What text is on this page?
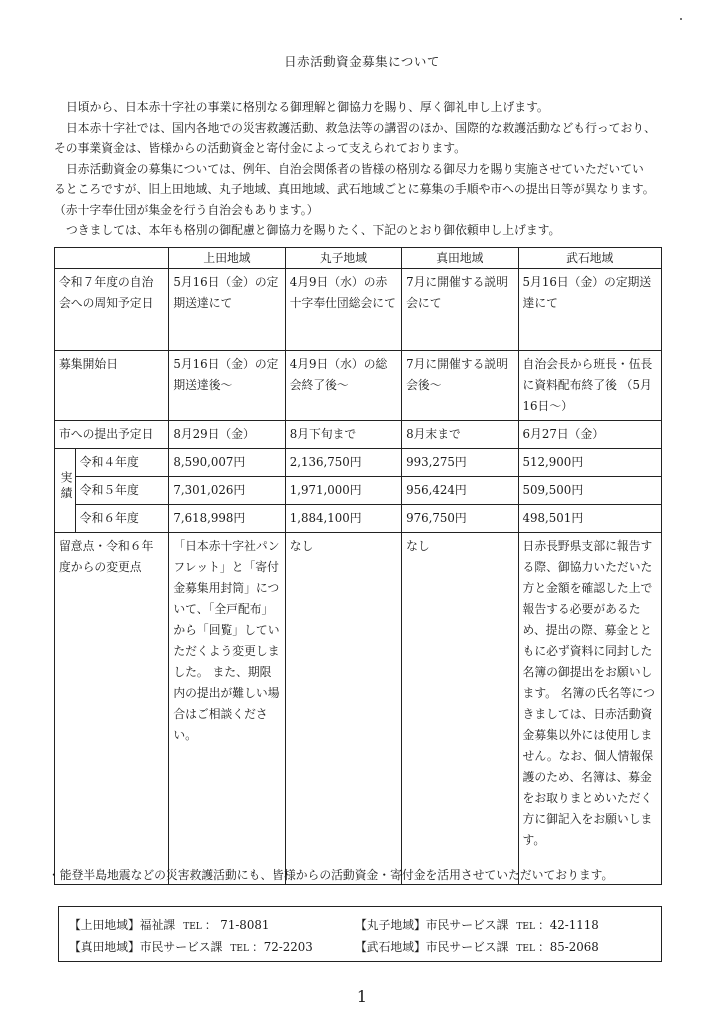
日赤活動資金募集について

日頃から、日本赤十字社の事業に格別なる御理解と御協力を賜り、厚く御礼申し上げます。

日本赤十字社では、国内各地での災害救護活動、救急法等の講習のほか、国際的な救護活動なども行っており、

その事業資金は、皆様からの活動資金と寄付金によって支えられております。

日赤活動資金の募集については、例年、自治会関係者の皆様の格別なる御尽力を賜り実施させていただいてい

るところですが、旧上田地域、丸子地域、真田地域、武石地域ごとに募集の手順や市への提出日等が異なります。

（赤十字奉仕団が集金を行う自治会もあります。）

つきましては、本年も格別の御配慮と御協力を賜りたく、下記のとおり御依頼申し上げます。

		上田地域	丸子地域	真田地域	武石地域
令和７年度の自治会への周知予定日		5月16日（金）の定期送達にて	4月9日（水）の赤十字奉仕団総会にて	7月に開催する説明会にて	5月16日（金）の定期送達にて
募集開始日		5月16日（金）の定期送達後～	4月9日（水）の総会終了後～	7月に開催する説明会後～	自治会長から班長・伍長に資料配布終了後 （5月16日～）
市への提出予定日		8月29日（金）	8月下旬まで	8月末まで	6月27日（金）
実績	令和４年度	8,590,007円	2,136,750円	993,275円	512,900円
	令和５年度	7,301,026円	1,971,000円	956,424円	509,500円
	令和６年度	7,618,998円	1,884,100円	976,750円	498,501円
留意点・令和６年度からの変更点		「日本赤十字社パンフレット」と「寄付金募集用封筒」について、「全戸配布」から「回覧」していただくよう変更しました。 また、期限内の提出が難しい場合はご相談ください。	なし	なし	日赤長野県支部に報告する際、御協力いただいた方と金額を確認した上で報告する必要があるため、提出の際、募金とともに必ず資料に同封した名簿の御提出をお願いします。 名簿の氏名等につきましては、日赤活動資金募集以外には使用しません。なお、個人情報保護のため、名簿は、募金をお取りまとめいただく方に御記入をお願いします。
・能登半島地震などの災害救護活動にも、皆様からの活動資金・寄付金を活用させていただいております。
【上田地域】福祉課 TEL ： 71-8081	【丸子地域】市民サービス課 TEL ：42-1118
【真田地域】市民サービス課 TEL ：72-2203	【武石地域】市民サービス課 TEL ：85-2068
1
